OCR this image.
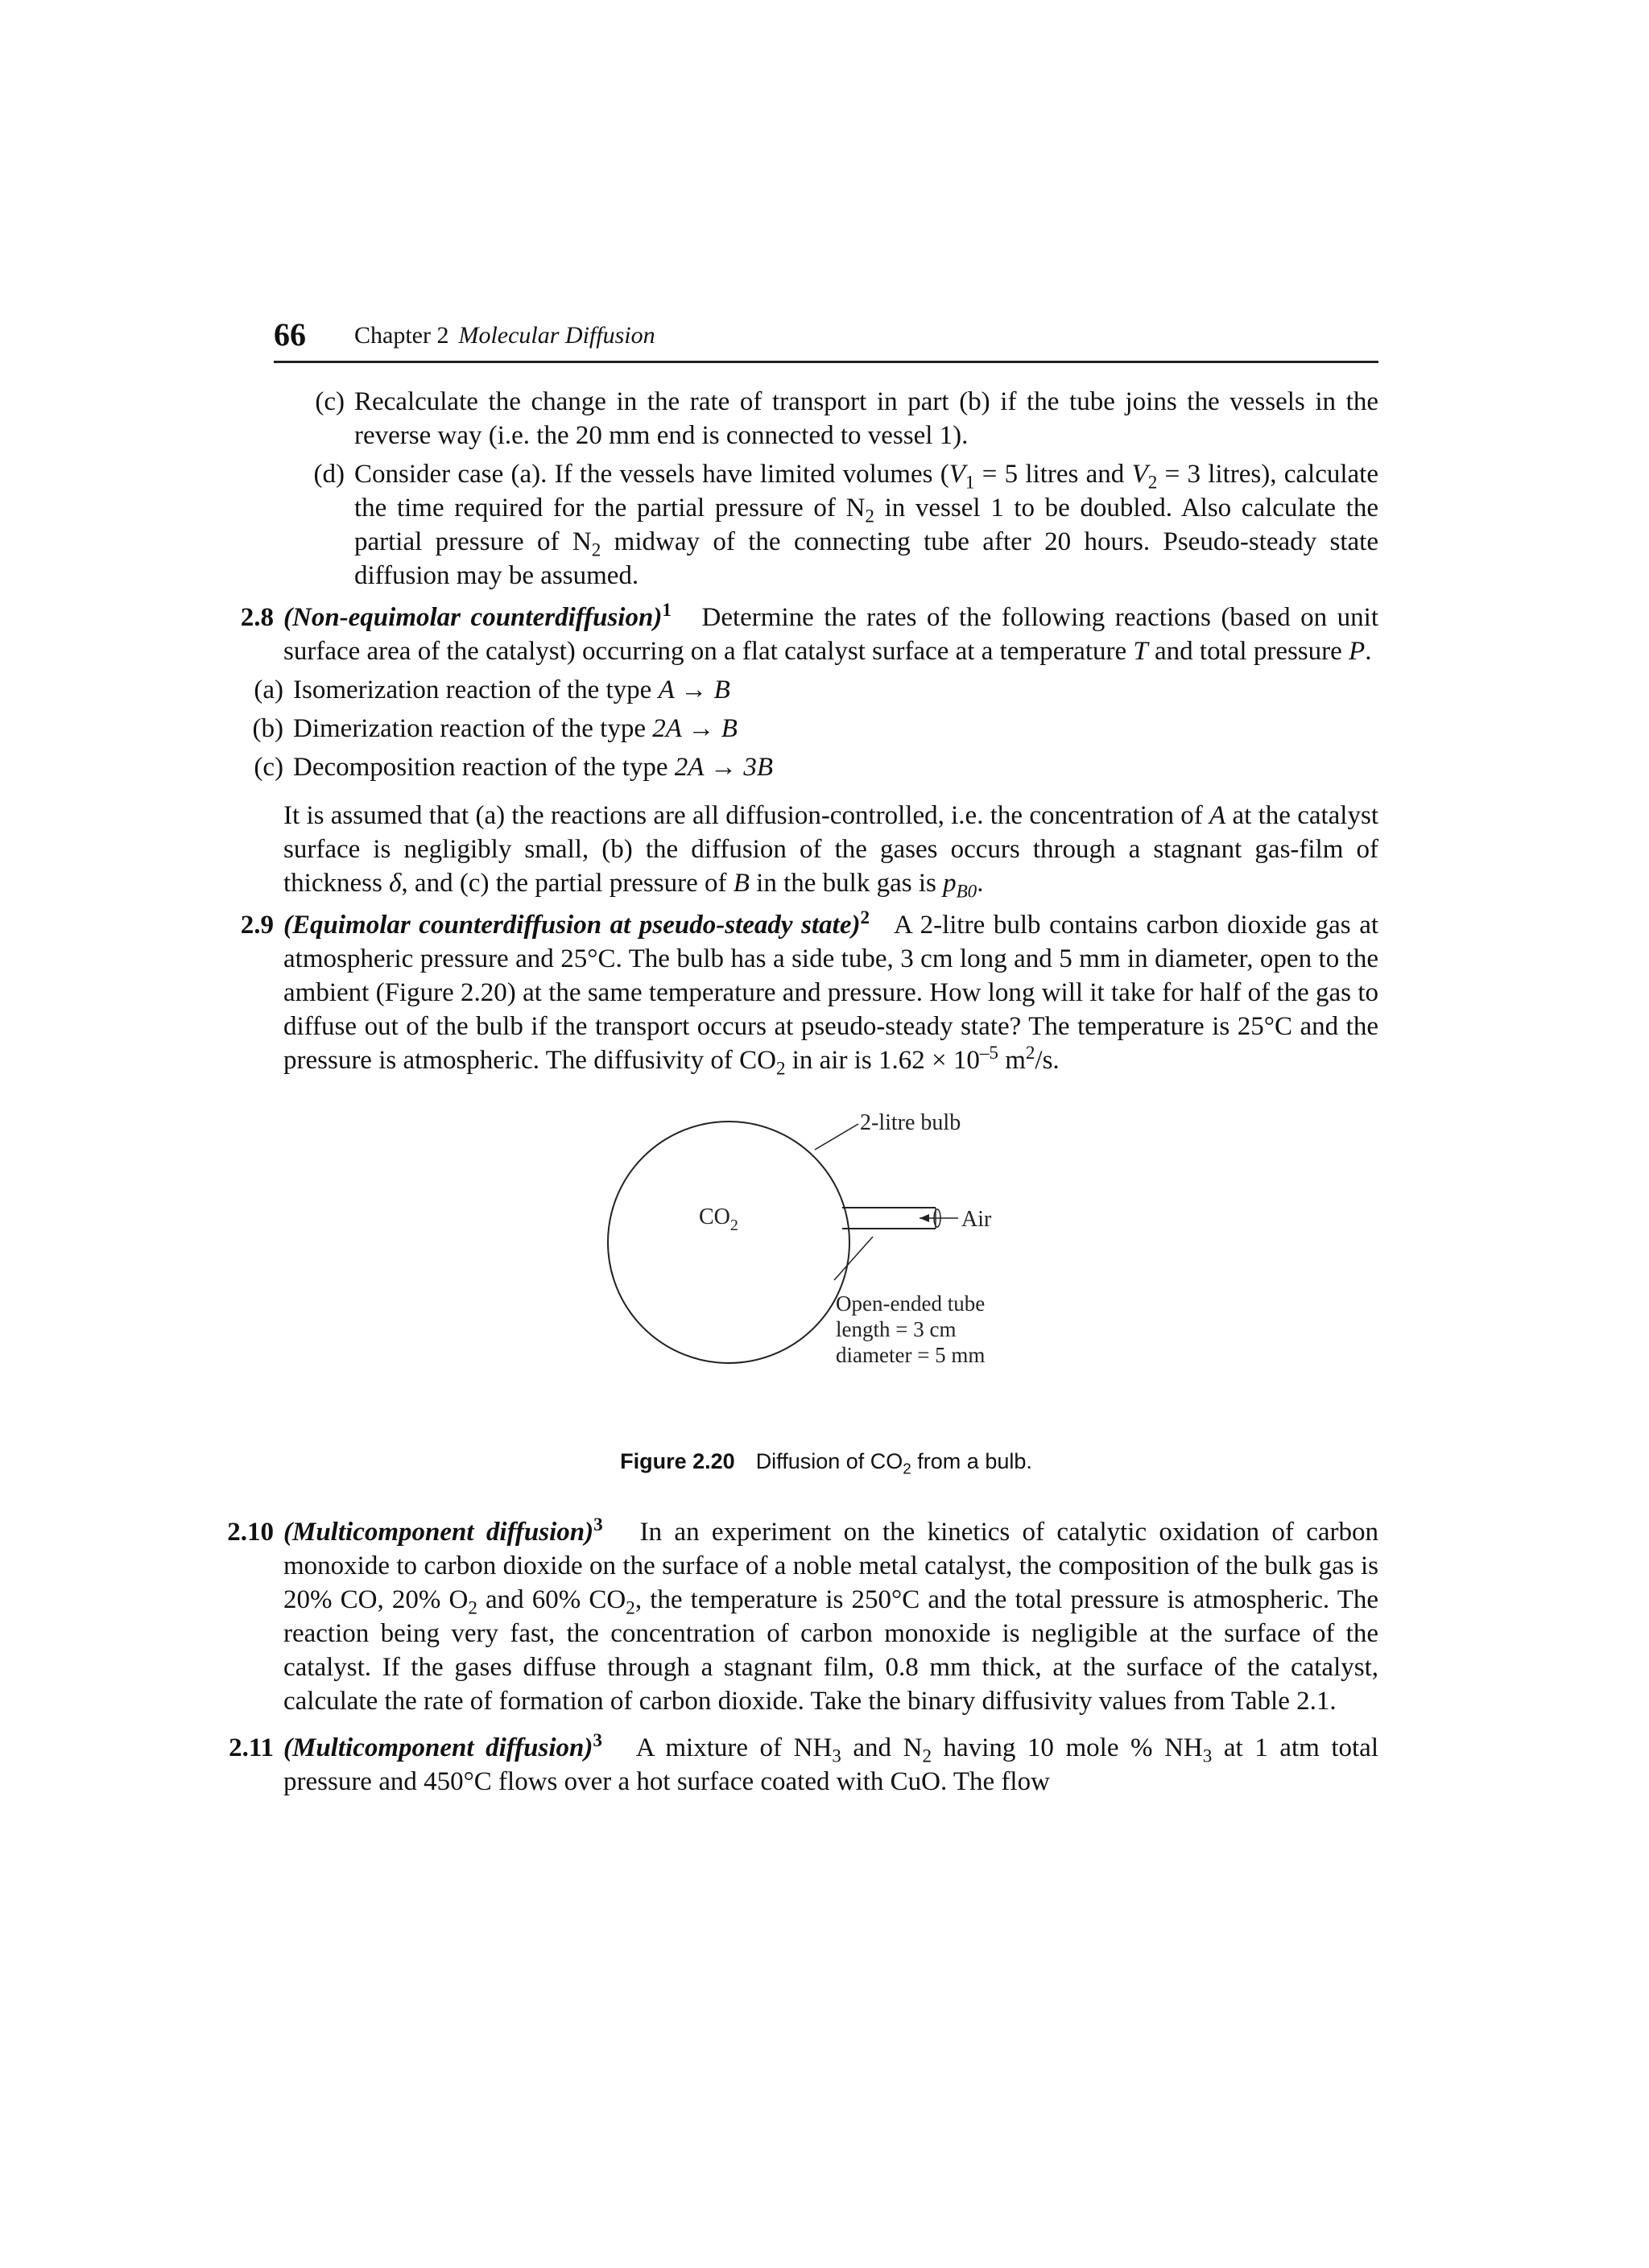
66 Chapter 2 Molecular Diffusion
(c) Recalculate the change in the rate of transport in part (b) if the tube joins the vessels in the reverse way (i.e. the 20 mm end is connected to vessel 1).
(d) Consider case (a). If the vessels have limited volumes ($V_1 = 5$ litres and $V_2 = 3$ litres), calculate the time required for the partial pressure of $N_2$ in vessel 1 to be doubled. Also calculate the partial pressure of $N_2$ midway of the connecting tube after 20 hours. Pseudo-steady state diffusion may be assumed.
2.8 (Non-equimolar counterdiffusion)$^1$ Determine the rates of the following reactions (based on unit surface area of the catalyst) occurring on a flat catalyst surface at a temperature T and total pressure P.
(a) Isomerization reaction of the type A → B
(b) Dimerization reaction of the type 2A → B
(c) Decomposition reaction of the type 2A → 3B
It is assumed that (a) the reactions are all diffusion-controlled, i.e. the concentration of A at the catalyst surface is negligibly small, (b) the diffusion of the gases occurs through a stagnant gas-film of thickness δ, and (c) the partial pressure of B in the bulk gas is $p_{B0}$.
2.9 (Equimolar counterdiffusion at pseudo-steady state)$^2$ A 2-litre bulb contains carbon dioxide gas at atmospheric pressure and 25°C. The bulb has a side tube, 3 cm long and 5 mm in diameter, open to the ambient (Figure 2.20) at the same temperature and pressure. How long will it take for half of the gas to diffuse out of the bulb if the transport occurs at pseudo-steady state? The temperature is 25°C and the pressure is atmospheric. The diffusivity of $CO_2$ in air is $1.62 \times 10^{-5}$ $m^2/s$.
2-litre bulb
$CO_2$	Air
Open-ended tube
length = 3 cm
diameter = 5 mm
Figure 2.20 Diffusion of $CO_2$ from a bulb.
2.10 (Multicomponent diffusion)$^3$ In an experiment on the kinetics of catalytic oxidation of carbon monoxide to carbon dioxide on the surface of a noble metal catalyst, the composition of the bulk gas is 20% CO, 20% $O_2$ and 60% $CO_2$, the temperature is 250°C and the total pressure is atmospheric. The reaction being very fast, the concentration of carbon monoxide is negligible at the surface of the catalyst. If the gases diffuse through a stagnant film, 0.8 mm thick, at the surface of the catalyst, calculate the rate of formation of carbon dioxide. Take the binary diffusivity values from Table 2.1.
2.11 (Multicomponent diffusion)$^3$ A mixture of $NH_3$ and $N_2$ having 10 mole % $NH_3$ at 1 atm total pressure and 450°C flows over a hot surface coated with CuO. The flow
